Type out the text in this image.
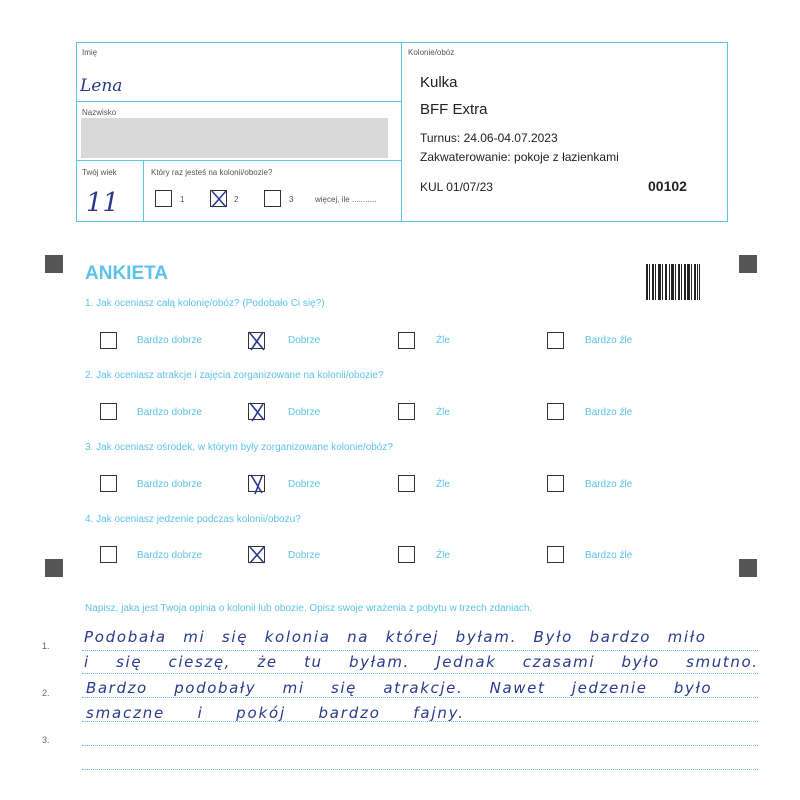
Imię
Lena
Nazwisko
Twój wiek
11
Który raz jesteś na kolonii/obozie?
1	2	3	więcej, ile ...........
Kolonie/obóz
Kulka
BFF Extra
Turnus: 24.06-04.07.2023
Zakwaterowanie: pokoje z łazienkami
KUL 01/07/23	00102
ANKIETA
1. Jak oceniasz całą kolonię/obóz? (Podobało Ci się?)
Bardzo dobrze	Dobrze	Źle	Bardzo źle
2. Jak oceniasz atrakcje i zajęcia zorganizowane na kolonii/obozie?
Bardzo dobrze	Dobrze	Źle	Bardzo źle
3. Jak oceniasz ośrodek, w którym były zorganizowane kolonie/obóz?
Bardzo dobrze	Dobrze	Źle	Bardzo źle
4. Jak oceniasz jedzenie podczas kolonii/obozu?
Bardzo dobrze	Dobrze	Źle	Bardzo źle
Napisz, jaka jest Twoja opinia o kolonii lub obozie. Opisz swoje wrażenia z pobytu w trzech zdaniach.
1.
2.
3.
Podobała mi się kolonia na której byłam. Było bardzo miło
i się cieszę, że tu byłam. Jednak czasami było smutno.
Bardzo podobały mi się atrakcje. Nawet jedzenie było
smaczne i pokój bardzo fajny.
